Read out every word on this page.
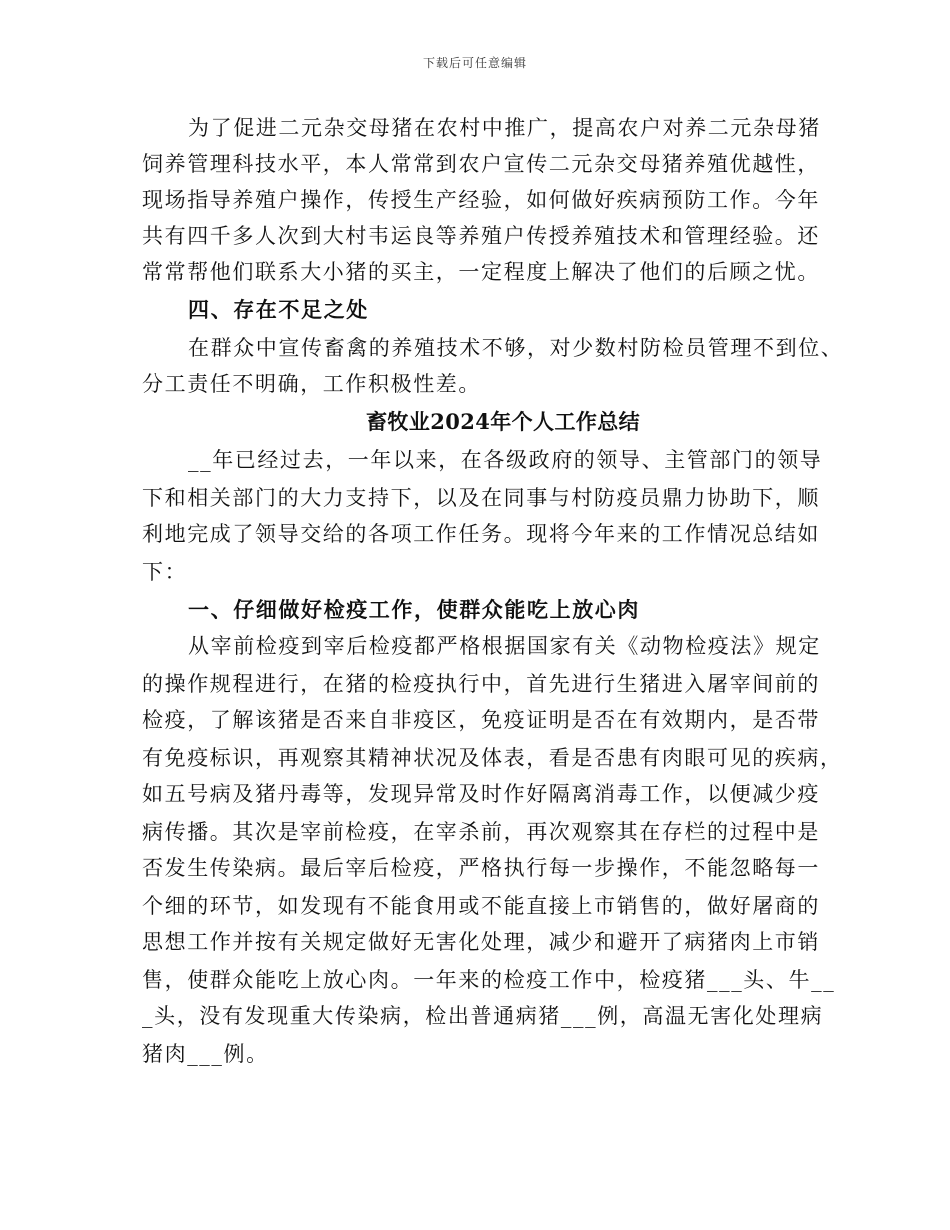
下载后可任意编辑
为了促进二元杂交母猪在农村中推广，提高农户对养二元杂母猪
饲养管理科技水平，本人常常到农户宣传二元杂交母猪养殖优越性，
现场指导养殖户操作，传授生产经验，如何做好疾病预防工作。今年
共有四千多人次到大村韦运良等养殖户传授养殖技术和管理经验。还
常常帮他们联系大小猪的买主，一定程度上解决了他们的后顾之忧。
四、存在不足之处
在群众中宣传畜禽的养殖技术不够，对少数村防检员管理不到位、
分工责任不明确，工作积极性差。
畜牧业2024年个人工作总结
__年已经过去，一年以来，在各级政府的领导、主管部门的领导
下和相关部门的大力支持下，以及在同事与村防疫员鼎力协助下，顺
利地完成了领导交给的各项工作任务。现将今年来的工作情况总结如
下：
一、仔细做好检疫工作，使群众能吃上放心肉
从宰前检疫到宰后检疫都严格根据国家有关《动物检疫法》规定
的操作规程进行，在猪的检疫执行中，首先进行生猪进入屠宰间前的
检疫，了解该猪是否来自非疫区，免疫证明是否在有效期内，是否带
有免疫标识，再观察其精神状况及体表，看是否患有肉眼可见的疾病，
如五号病及猪丹毒等，发现异常及时作好隔离消毒工作，以便减少疫
病传播。其次是宰前检疫，在宰杀前，再次观察其在存栏的过程中是
否发生传染病。最后宰后检疫，严格执行每一步操作，不能忽略每一
个细的环节，如发现有不能食用或不能直接上市销售的，做好屠商的
思想工作并按有关规定做好无害化处理，减少和避开了病猪肉上市销
售，使群众能吃上放心肉。一年来的检疫工作中，检疫猪___头、牛__
_头，没有发现重大传染病，检出普通病猪___例，高温无害化处理病
猪肉___例。
